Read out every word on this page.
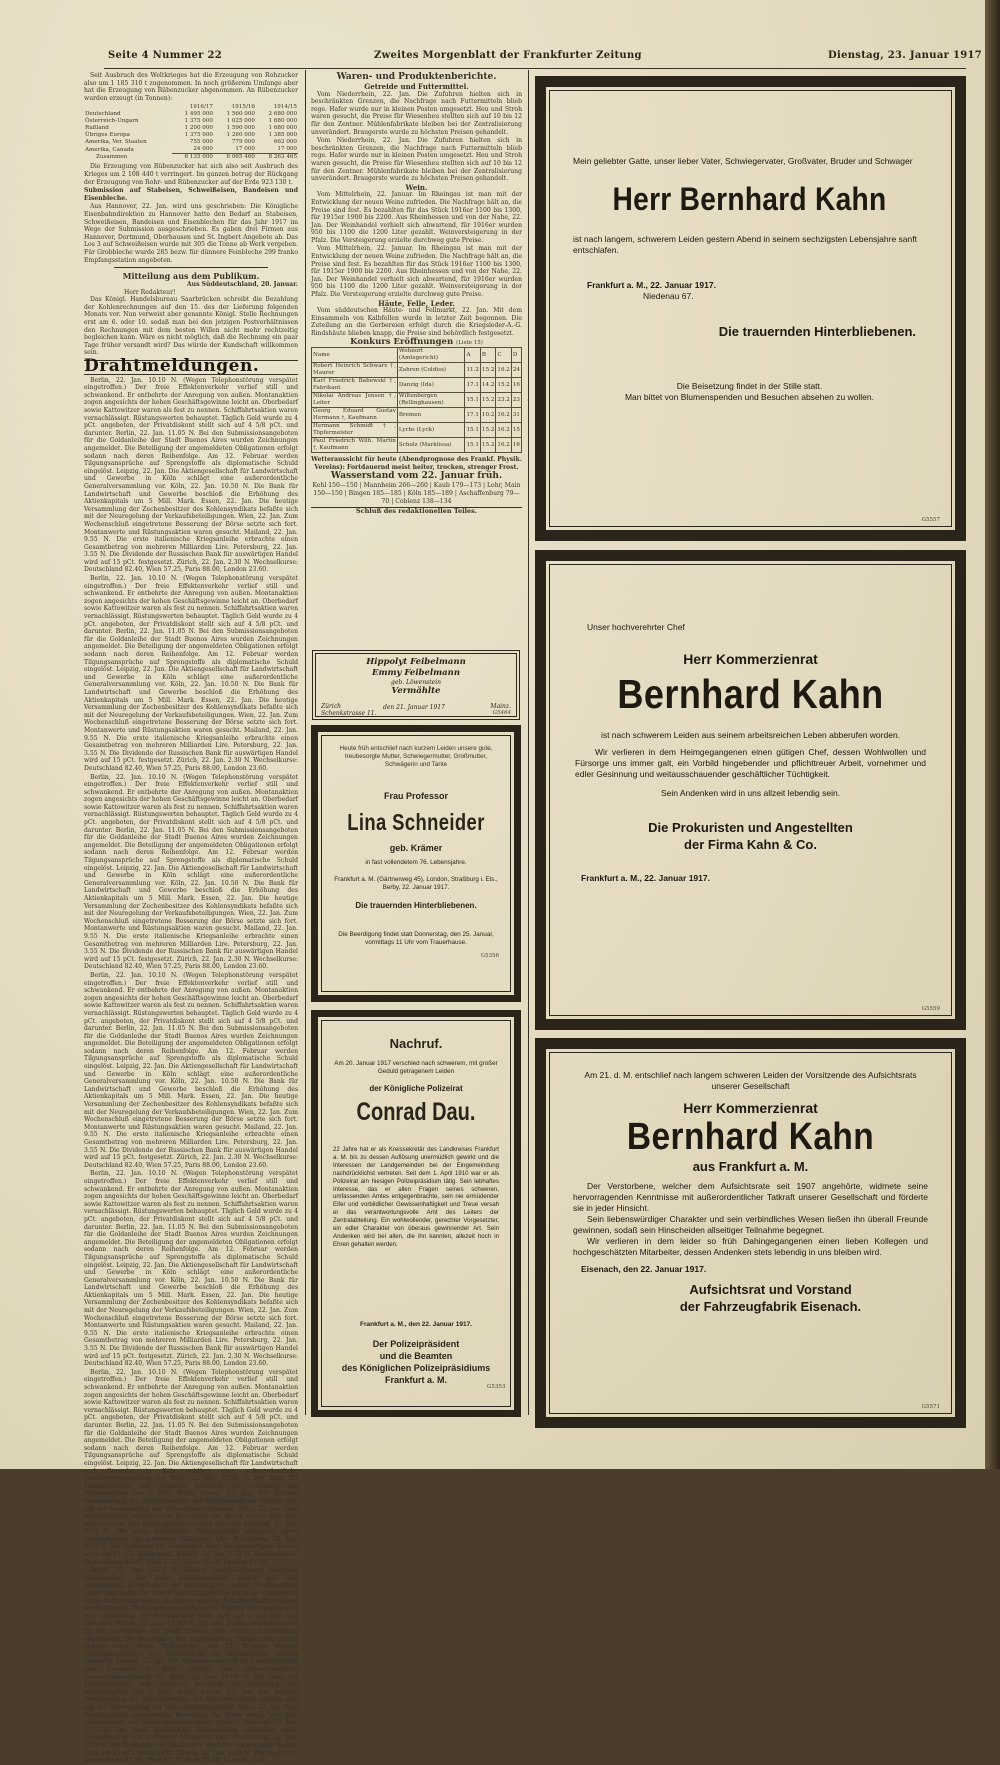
Seite 4 Nummer 22	Zweites Morgenblatt der Frankfurter Zeitung	Dienstag, 23. Januar 1917

Seit Ausbruch des Weltkrieges hat die Erzeugung von Rohzucker also um 1 185 310 t zugenommen. In noch größerem Umfange aber hat die Erzeugung von Rübenzucker abgenommen. An Rübenzucker wurden erzeugt (in Tonnen):

	1916/17	1915/16	1914/15
Deutschland	1 495 000	1 560 000	2 680 000
Österreich-Ungarn	1 375 000	1 025 000	1 680 000
Rußland	1 200 000	1 590 000	1 680 000
Übriges Europa	1 375 000	1 260 000	1 385 000
Amerika, Ver. Staaten	755 000	779 000	662 000
Amerika, Canada	24 000	17 000	17 000
Zusammen	6 135 000	6 065 460	8 263 465

Die Erzeugung von Rübenzucker hat sich also seit Ausbruch des Krieges um 2 108 440 t verringert. Im ganzen betrug der Rückgang der Erzeugung von Rohr- und Rübenzucker auf der Erde 923 130 t.

Submission auf Stabeisen, Schweißeisen, Bandeisen und Eisenbleche.

Aus Hannover, 22. Jan. wird uns geschrieben: Die Königliche Eisenbahndirektion zu Hannover hatte den Bedarf an Stabeisen, Schweißeisen, Bandeisen und Eisenblechen für das Jahr 1917 im Wege der Submission ausgeschrieben. Es gaben drei Firmen aus Hannover, Dortmund, Oberhausen und St. Ingbert Angebote ab. Das Los 3 auf Schweißeisen wurde mit 305 die Tonne ab Werk vergeben. Für Grobbleche wurde 285 bezw. für dünnere Feinbleche 299 franko Empfangsstation angeboten.

Mitteilung aus dem Publikum.
Aus Süddeutschland, 20. Januar.
Herr Redakteur!

Das Königl. Handelsbureau Saarbrücken schreibt die Bezahlung der Kohlenrechnungen auf den 15. des der Lieferung folgenden Monats vor. Nun verweist aber genannte Königl. Stelle Rechnungen erst am 6. oder 10. sodaß man bei den jetzigen Postverhältnissen den Rechnungen mit dem besten Willen nicht mehr rechtzeitig begleichen kann. Wäre es nicht möglich, daß die Rechnung ein paar Tage früher versandt wird? Das würde der Kundschaft willkommen sein.

Drahtmeldungen.

Berlin, 22. Jan. 10.10 N. (Wegen Telephonstörung verspätet eingetroffen.) Der freie Effektenverkehr verlief still und schwankend. Er entbehrte der Anregung von außen. Montanaktien zogen angesichts der hohen Geschäftsgewinne leicht an. Oberbedarf sowie Kattowitzer waren als fest zu nennen. Schiffahrtsaktien waren vernachlässigt. Rüstungswerten behauptet. Täglich Geld wurde zu 4 pCt. angeboten, der Privatdiskont stellt sich auf 4 5/8 pCt. und darunter. Berlin, 22. Jan. 11.05 N. Bei den Submissionsangeboten für die Goldanleihe der Stadt Buenos Aires wurden Zeichnungen angemeldet. Die Beteiligung der angemeldeten Obligationen erfolgt sodann nach deren Reihenfolge. Am 12. Februar werden Tilgungsansprüche auf Sprengstoffe als diplomatische Schuld eingelöst. Leipzig, 22. Jan. Die Aktiengesellschaft für Landwirtschaft und Gewerbe in Köln schlägt eine außerordentliche Generalversammlung vor. Köln, 22. Jan. 10.50 N. Die Bank für Landwirtschaft und Gewerbe beschloß die Erhöhung des Aktienkapitals um 5 Mill. Mark. Essen, 22. Jan. Die heutige Versammlung der Zechenbesitzer des Kohlensyndikats befaßte sich mit der Neuregelung der Verkaufsbeteiligungen. Wien, 22. Jan. Zum Wochenschluß eingetretene Besserung der Börse setzte sich fort. Montanwerte und Rüstungsaktien waren gesucht. Mailand, 22. Jan. 9.55 N. Die erste italienische Kriegsanleihe erbrachte einen Gesamtbetrag von mehreren Milliarden Lire. Petersburg, 22. Jan. 3.55 N. Die Dividende der Russischen Bank für auswärtigen Handel wird auf 15 pCt. festgesetzt. Zürich, 22. Jan. 2.30 N. Wechselkurse: Deutschland 82.40, Wien 57.25, Paris 88.00, London 23.60.

Berlin, 22. Jan. 10.10 N. (Wegen Telephonstörung verspätet eingetroffen.) Der freie Effektenverkehr verlief still und schwankend. Er entbehrte der Anregung von außen. Montanaktien zogen angesichts der hohen Geschäftsgewinne leicht an. Oberbedarf sowie Kattowitzer waren als fest zu nennen. Schiffahrtsaktien waren vernachlässigt. Rüstungswerten behauptet. Täglich Geld wurde zu 4 pCt. angeboten, der Privatdiskont stellt sich auf 4 5/8 pCt. und darunter. Berlin, 22. Jan. 11.05 N. Bei den Submissionsangeboten für die Goldanleihe der Stadt Buenos Aires wurden Zeichnungen angemeldet. Die Beteiligung der angemeldeten Obligationen erfolgt sodann nach deren Reihenfolge. Am 12. Februar werden Tilgungsansprüche auf Sprengstoffe als diplomatische Schuld eingelöst. Leipzig, 22. Jan. Die Aktiengesellschaft für Landwirtschaft und Gewerbe in Köln schlägt eine außerordentliche Generalversammlung vor. Köln, 22. Jan. 10.50 N. Die Bank für Landwirtschaft und Gewerbe beschloß die Erhöhung des Aktienkapitals um 5 Mill. Mark. Essen, 22. Jan. Die heutige Versammlung der Zechenbesitzer des Kohlensyndikats befaßte sich mit der Neuregelung der Verkaufsbeteiligungen. Wien, 22. Jan. Zum Wochenschluß eingetretene Besserung der Börse setzte sich fort. Montanwerte und Rüstungsaktien waren gesucht. Mailand, 22. Jan. 9.55 N. Die erste italienische Kriegsanleihe erbrachte einen Gesamtbetrag von mehreren Milliarden Lire. Petersburg, 22. Jan. 3.55 N. Die Dividende der Russischen Bank für auswärtigen Handel wird auf 15 pCt. festgesetzt. Zürich, 22. Jan. 2.30 N. Wechselkurse: Deutschland 82.40, Wien 57.25, Paris 88.00, London 23.60.

Berlin, 22. Jan. 10.10 N. (Wegen Telephonstörung verspätet eingetroffen.) Der freie Effektenverkehr verlief still und schwankend. Er entbehrte der Anregung von außen. Montanaktien zogen angesichts der hohen Geschäftsgewinne leicht an. Oberbedarf sowie Kattowitzer waren als fest zu nennen. Schiffahrtsaktien waren vernachlässigt. Rüstungswerten behauptet. Täglich Geld wurde zu 4 pCt. angeboten, der Privatdiskont stellt sich auf 4 5/8 pCt. und darunter. Berlin, 22. Jan. 11.05 N. Bei den Submissionsangeboten für die Goldanleihe der Stadt Buenos Aires wurden Zeichnungen angemeldet. Die Beteiligung der angemeldeten Obligationen erfolgt sodann nach deren Reihenfolge. Am 12. Februar werden Tilgungsansprüche auf Sprengstoffe als diplomatische Schuld eingelöst. Leipzig, 22. Jan. Die Aktiengesellschaft für Landwirtschaft und Gewerbe in Köln schlägt eine außerordentliche Generalversammlung vor. Köln, 22. Jan. 10.50 N. Die Bank für Landwirtschaft und Gewerbe beschloß die Erhöhung des Aktienkapitals um 5 Mill. Mark. Essen, 22. Jan. Die heutige Versammlung der Zechenbesitzer des Kohlensyndikats befaßte sich mit der Neuregelung der Verkaufsbeteiligungen. Wien, 22. Jan. Zum Wochenschluß eingetretene Besserung der Börse setzte sich fort. Montanwerte und Rüstungsaktien waren gesucht. Mailand, 22. Jan. 9.55 N. Die erste italienische Kriegsanleihe erbrachte einen Gesamtbetrag von mehreren Milliarden Lire. Petersburg, 22. Jan. 3.55 N. Die Dividende der Russischen Bank für auswärtigen Handel wird auf 15 pCt. festgesetzt. Zürich, 22. Jan. 2.30 N. Wechselkurse: Deutschland 82.40, Wien 57.25, Paris 88.00, London 23.60.

Berlin, 22. Jan. 10.10 N. (Wegen Telephonstörung verspätet eingetroffen.) Der freie Effektenverkehr verlief still und schwankend. Er entbehrte der Anregung von außen. Montanaktien zogen angesichts der hohen Geschäftsgewinne leicht an. Oberbedarf sowie Kattowitzer waren als fest zu nennen. Schiffahrtsaktien waren vernachlässigt. Rüstungswerten behauptet. Täglich Geld wurde zu 4 pCt. angeboten, der Privatdiskont stellt sich auf 4 5/8 pCt. und darunter. Berlin, 22. Jan. 11.05 N. Bei den Submissionsangeboten für die Goldanleihe der Stadt Buenos Aires wurden Zeichnungen angemeldet. Die Beteiligung der angemeldeten Obligationen erfolgt sodann nach deren Reihenfolge. Am 12. Februar werden Tilgungsansprüche auf Sprengstoffe als diplomatische Schuld eingelöst. Leipzig, 22. Jan. Die Aktiengesellschaft für Landwirtschaft und Gewerbe in Köln schlägt eine außerordentliche Generalversammlung vor. Köln, 22. Jan. 10.50 N. Die Bank für Landwirtschaft und Gewerbe beschloß die Erhöhung des Aktienkapitals um 5 Mill. Mark. Essen, 22. Jan. Die heutige Versammlung der Zechenbesitzer des Kohlensyndikats befaßte sich mit der Neuregelung der Verkaufsbeteiligungen. Wien, 22. Jan. Zum Wochenschluß eingetretene Besserung der Börse setzte sich fort. Montanwerte und Rüstungsaktien waren gesucht. Mailand, 22. Jan. 9.55 N. Die erste italienische Kriegsanleihe erbrachte einen Gesamtbetrag von mehreren Milliarden Lire. Petersburg, 22. Jan. 3.55 N. Die Dividende der Russischen Bank für auswärtigen Handel wird auf 15 pCt. festgesetzt. Zürich, 22. Jan. 2.30 N. Wechselkurse: Deutschland 82.40, Wien 57.25, Paris 88.00, London 23.60.

Berlin, 22. Jan. 10.10 N. (Wegen Telephonstörung verspätet eingetroffen.) Der freie Effektenverkehr verlief still und schwankend. Er entbehrte der Anregung von außen. Montanaktien zogen angesichts der hohen Geschäftsgewinne leicht an. Oberbedarf sowie Kattowitzer waren als fest zu nennen. Schiffahrtsaktien waren vernachlässigt. Rüstungswerten behauptet. Täglich Geld wurde zu 4 pCt. angeboten, der Privatdiskont stellt sich auf 4 5/8 pCt. und darunter. Berlin, 22. Jan. 11.05 N. Bei den Submissionsangeboten für die Goldanleihe der Stadt Buenos Aires wurden Zeichnungen angemeldet. Die Beteiligung der angemeldeten Obligationen erfolgt sodann nach deren Reihenfolge. Am 12. Februar werden Tilgungsansprüche auf Sprengstoffe als diplomatische Schuld eingelöst. Leipzig, 22. Jan. Die Aktiengesellschaft für Landwirtschaft und Gewerbe in Köln schlägt eine außerordentliche Generalversammlung vor. Köln, 22. Jan. 10.50 N. Die Bank für Landwirtschaft und Gewerbe beschloß die Erhöhung des Aktienkapitals um 5 Mill. Mark. Essen, 22. Jan. Die heutige Versammlung der Zechenbesitzer des Kohlensyndikats befaßte sich mit der Neuregelung der Verkaufsbeteiligungen. Wien, 22. Jan. Zum Wochenschluß eingetretene Besserung der Börse setzte sich fort. Montanwerte und Rüstungsaktien waren gesucht. Mailand, 22. Jan. 9.55 N. Die erste italienische Kriegsanleihe erbrachte einen Gesamtbetrag von mehreren Milliarden Lire. Petersburg, 22. Jan. 3.55 N. Die Dividende der Russischen Bank für auswärtigen Handel wird auf 15 pCt. festgesetzt. Zürich, 22. Jan. 2.30 N. Wechselkurse: Deutschland 82.40, Wien 57.25, Paris 88.00, London 23.60.

Berlin, 22. Jan. 10.10 N. (Wegen Telephonstörung verspätet eingetroffen.) Der freie Effektenverkehr verlief still und schwankend. Er entbehrte der Anregung von außen. Montanaktien zogen angesichts der hohen Geschäftsgewinne leicht an. Oberbedarf sowie Kattowitzer waren als fest zu nennen. Schiffahrtsaktien waren vernachlässigt. Rüstungswerten behauptet. Täglich Geld wurde zu 4 pCt. angeboten, der Privatdiskont stellt sich auf 4 5/8 pCt. und darunter. Berlin, 22. Jan. 11.05 N. Bei den Submissionsangeboten für die Goldanleihe der Stadt Buenos Aires wurden Zeichnungen angemeldet. Die Beteiligung der angemeldeten Obligationen erfolgt sodann nach deren Reihenfolge. Am 12. Februar werden Tilgungsansprüche auf Sprengstoffe als diplomatische Schuld eingelöst. Leipzig, 22. Jan. Die Aktiengesellschaft für Landwirtschaft und Gewerbe in Köln schlägt eine außerordentliche Generalversammlung vor. Köln, 22. Jan. 10.50 N. Die Bank für Landwirtschaft und Gewerbe beschloß die Erhöhung des Aktienkapitals um 5 Mill. Mark. Essen, 22. Jan. Die heutige Versammlung der Zechenbesitzer des Kohlensyndikats befaßte sich mit der Neuregelung der Verkaufsbeteiligungen. Wien, 22. Jan. Zum Wochenschluß eingetretene Besserung der Börse setzte sich fort. Montanwerte und Rüstungsaktien waren gesucht. Mailand, 22. Jan. 9.55 N. Die erste italienische Kriegsanleihe erbrachte einen Gesamtbetrag von mehreren Milliarden Lire. Petersburg, 22. Jan. 3.55 N. Die Dividende der Russischen Bank für auswärtigen Handel wird auf 15 pCt. festgesetzt. Zürich, 22. Jan. 2.30 N. Wechselkurse: Deutschland 82.40, Wien 57.25, Paris 88.00, London 23.60.

Berlin, 22. Jan. 10.10 N. (Wegen Telephonstörung verspätet eingetroffen.) Der freie Effektenverkehr verlief still und schwankend. Er entbehrte der Anregung von außen. Montanaktien zogen angesichts der hohen Geschäftsgewinne leicht an. Oberbedarf sowie Kattowitzer waren als fest zu nennen. Schiffahrtsaktien waren vernachlässigt. Rüstungswerten behauptet. Täglich Geld wurde zu 4 pCt. angeboten, der Privatdiskont stellt sich auf 4 5/8 pCt. und darunter. Berlin, 22. Jan. 11.05 N. Bei den Submissionsangeboten für die Goldanleihe der Stadt Buenos Aires wurden Zeichnungen angemeldet. Die Beteiligung der angemeldeten Obligationen erfolgt sodann nach deren Reihenfolge. Am 12. Februar werden Tilgungsansprüche auf Sprengstoffe als diplomatische Schuld eingelöst. Leipzig, 22. Jan. Die Aktiengesellschaft für Landwirtschaft und Gewerbe in Köln schlägt eine außerordentliche Generalversammlung vor. Köln, 22. Jan. 10.50 N. Die Bank für Landwirtschaft und Gewerbe beschloß die Erhöhung des Aktienkapitals um 5 Mill. Mark. Essen, 22. Jan. Die heutige Versammlung der Zechenbesitzer des Kohlensyndikats befaßte sich mit der Neuregelung der Verkaufsbeteiligungen. Wien, 22. Jan. Zum Wochenschluß eingetretene Besserung der Börse setzte sich fort. Montanwerte und Rüstungsaktien waren gesucht. Mailand, 22. Jan. 9.55 N. Die erste italienische Kriegsanleihe erbrachte einen Gesamtbetrag von mehreren Milliarden Lire. Petersburg, 22. Jan. 3.55 N. Die Dividende der Russischen Bank für auswärtigen Handel wird auf 15 pCt. festgesetzt. Zürich, 22. Jan. 2.30 N. Wechselkurse: Deutschland 82.40, Wien 57.25, Paris 88.00, London 23.60.

Waren- und Produktenberichte.
Getreide und Futtermittel.

Vom Niederrhein, 22. Jan. Die Zufuhren hielten sich in beschränkten Grenzen, die Nachfrage nach Futtermitteln blieb rege. Hafer wurde nur in kleinen Posten umgesetzt. Heu und Stroh waren gesucht, die Preise für Wiesenheu stellten sich auf 10 bis 12 für den Zentner. Mühlenfabrikate bleiben bei der Zentralisierung unverändert. Braugerste wurde zu höchsten Preisen gehandelt.

Vom Niederrhein, 22. Jan. Die Zufuhren hielten sich in beschränkten Grenzen, die Nachfrage nach Futtermitteln blieb rege. Hafer wurde nur in kleinen Posten umgesetzt. Heu und Stroh waren gesucht, die Preise für Wiesenheu stellten sich auf 10 bis 12 für den Zentner. Mühlenfabrikate bleiben bei der Zentralisierung unverändert. Braugerste wurde zu höchsten Preisen gehandelt.

Wein.

Vom Mittelrhein, 22. Januar. Im Rheingau ist man mit der Entwicklung der neuen Weine zufrieden. Die Nachfrage hält an, die Preise sind fest. Es bezahlten für das Stück 1916er 1100 bis 1300, für 1915er 1900 bis 2200. Aus Rheinhessen und von der Nahe, 22. Jan. Der Weinhandel verhielt sich abwartend, für 1916er wurden 950 bis 1100 die 1200 Liter gezahlt. Weinversteigerung in der Pfalz. Die Versteigerung erzielte durchweg gute Preise.

Vom Mittelrhein, 22. Januar. Im Rheingau ist man mit der Entwicklung der neuen Weine zufrieden. Die Nachfrage hält an, die Preise sind fest. Es bezahlten für das Stück 1916er 1100 bis 1300, für 1915er 1900 bis 2200. Aus Rheinhessen und von der Nahe, 22. Jan. Der Weinhandel verhielt sich abwartend, für 1916er wurden 950 bis 1100 die 1200 Liter gezahlt. Weinversteigerung in der Pfalz. Die Versteigerung erzielte durchweg gute Preise.

Häute, Felle, Leder.

Vom süddeutschen Häute- und Fellmarkt, 22. Jan. Mit dem Einsammeln von Kalbfellen wurde in letzter Zeit begonnen. Die Zuteilung an die Gerbereien erfolgt durch die Kriegsleder-A.-G. Rindshäute blieben knapp, die Preise sind behördlich festgesetzt.

Konkurs Eröffnungen (Liste 15)
Name	Wohnort (Amtsgericht)	A	B	C	D
Robert Heinrich Schwarz †, Maurer	Zahren (Coldiss)	11.2	15.2	16.2	24
Karl Friedrich Babewski †, Fabrikant	Danzig (Ida)	17.1	14.2	15.2	16
Nikolai Andreas Jensen †, Leiter	Wiltenbergen (Rellinghausen)	15.1	15.2	23.2	23
Georg Eduard Gustav Hermann †, Kaufmann	Bremen	17.1	10.2	16.2	31
Hermann Schmidt †, Töpfermeister	Lyrbs (Lyck)	15.1	15.2	16.2	15
Paul Friedrich Wilh. Martin †, Kaufmann	Scholz (Marklissa)	15.1	15.2	16.2	16
Wetteraussicht für heute (Abendprognose des Frankf. Physik. Vereins): Fortdauernd meist heiter, trocken, strenger Frost.
Wasserstand vom 22. Januar früh.
Kehl 150—150 | Mannheim 266—260 | Kaub 179—173 | Lohr, Main 150—150 | Bingen 185—185 | Köln 185—189 | Aschaffenburg 79—70 | Coblenz 138—134
Schluß des redaktionellen Teiles.
Hippolyt Feibelmann
Emmy Feibelmann
geb. Löwenstein
Vermählte
Zürich
Schenkstrasse 11.
den 21. Januar 1917	Mainz.
G5464
Heute früh entschlief nach kurzem Leiden unsere gute, treubesorgte Mutter, Schwiegermutter, Großmutter, Schwägerin und Tante
Frau Professor
Lina Schneider
geb. Krämer
in fast vollendetem 76. Lebensjahre.
Frankfurt a. M. (Gärtnerweg 45), London, Straßburg i. Els., Berby, 22. Januar 1917.
Die trauernden Hinterbliebenen.
Die Beerdigung findet statt Donnerstag, den 25. Januar, vormittags 11 Uhr vom Trauerhause.
G5356
Nachruf.
Am 20. Januar 1917 verschied nach schwerem, mit großer Geduld getragenem Leiden
der Königliche Polizeirat
Conrad Dau.
22 Jahre hat er als Kreissekretär des Landkreises Frankfurt a. M. bis zu dessen Auflösung unermüdlich gewirkt und die Interessen der Landgemeinden bei der Eingemeindung nachdrücklichst vertreten. Seit dem 1. April 1910 war er als Polizeirat am hiesigen Polizeipräsidium tätig. Sein lebhaftes Interesse, das er allen Fragen seines schweren, umfassenden Amtes entgegenbrachte, sein nie ermüdender Eifer und vorbildlicher Gewissenhaftigkeit und Treue versah er das verantwortungsvolle Amt des Leiters der Zentralabteilung. Ein wohlwollender, gerechter Vorgesetzter, ein edler Charakter von überaus gewinnender Art. Sein Andenken wird bei allen, die ihn kannten, allezeit hoch in Ehren gehalten werden.
Frankfurt a. M., den 22. Januar 1917.
Der Polizeipräsident
und die Beamten
des Königlichen Polizeipräsidiums
Frankfurt a. M.
G5353
Mein geliebter Gatte, unser lieber Vater, Schwiegervater, Großvater, Bruder und Schwager
Herr Bernhard Kahn
ist nach langem, schwerem Leiden gestern Abend in seinem sechzigsten Lebensjahre sanft entschlafen.
Frankfurt a. M., 22. Januar 1917.
Niedenau 67.
Die trauernden Hinterbliebenen.
Die Beisetzung findet in der Stille statt.
Man bittet von Blumenspenden und Besuchen absehen zu wollen.
G5557
Unser hochverehrter Chef
Herr Kommerzienrat
Bernhard Kahn
ist nach schwerem Leiden aus seinem arbeitsreichen Leben abberufen worden.
Wir verlieren in dem Heimgegangenen einen gütigen Chef, dessen Wohlwollen und Fürsorge uns immer galt, ein Vorbild hingebender und pflichttreuer Arbeit, vornehmer und edler Gesinnung und weitausschauender geschäftlicher Tüchtigkeit.
Sein Andenken wird in uns allzeit lebendig sein.
Die Prokuristen und Angestellten
der Firma Kahn & Co.
Frankfurt a. M., 22. Januar 1917.
G5559
Am 21. d. M. entschlief nach langem schweren Leiden der Vorsitzende des Aufsichtsrats unserer Gesellschaft
Herr Kommerzienrat
Bernhard Kahn
aus Frankfurt a. M.
Der Verstorbene, welcher dem Aufsichtsrate seit 1907 angehörte, widmete seine hervorragenden Kenntnisse mit außerordentlicher Tatkraft unserer Gesellschaft und förderte sie in jeder Hinsicht.
Sein liebenswürdiger Charakter und sein verbindliches Wesen ließen ihn überall Freunde gewinnen, sodaß sein Hinscheiden allseitiger Teilnahme begegnet.
Wir verlieren in dem leider so früh Dahingegangenen einen lieben Kollegen und hochgeschätzten Mitarbeiter, dessen Andenken stets lebendig in uns bleiben wird.
Eisenach, den 22. Januar 1917.
Aufsichtsrat und Vorstand
der Fahrzeugfabrik Eisenach.
G5571
